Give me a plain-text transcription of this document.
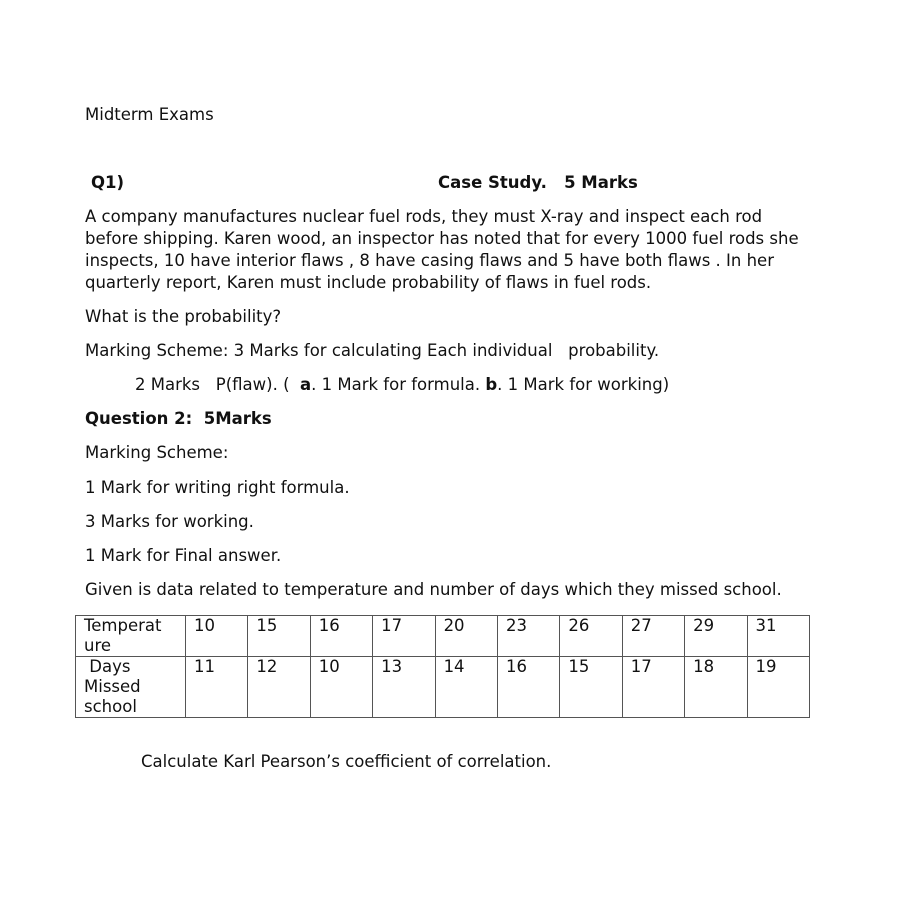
Midterm Exams
Q1)	Case Study.   5 Marks
A company manufactures nuclear fuel rods, they must X-ray and inspect each rod before shipping. Karen wood, an inspector has noted that for every 1000 fuel rods she inspects, 10 have interior flaws , 8 have casing flaws and 5 have both flaws . In her quarterly report, Karen must include probability of flaws in fuel rods.
What is the probability?
Marking Scheme: 3 Marks for calculating Each individual   probability.
2 Marks   P(flaw). (  a. 1 Mark for formula. b. 1 Mark for working)
Question 2:  5Marks
Marking Scheme:
1 Mark for writing right formula.
3 Marks for working.
1 Mark for Final answer.
Given is data related to temperature and number of days which they missed school.
Calculate Karl Pearson’s coefficient of correlation.
Temperat ure	10	15	16	17	20	23	26	27	29	31
Days Missed school	11	12	10	13	14	16	15	17	18	19
